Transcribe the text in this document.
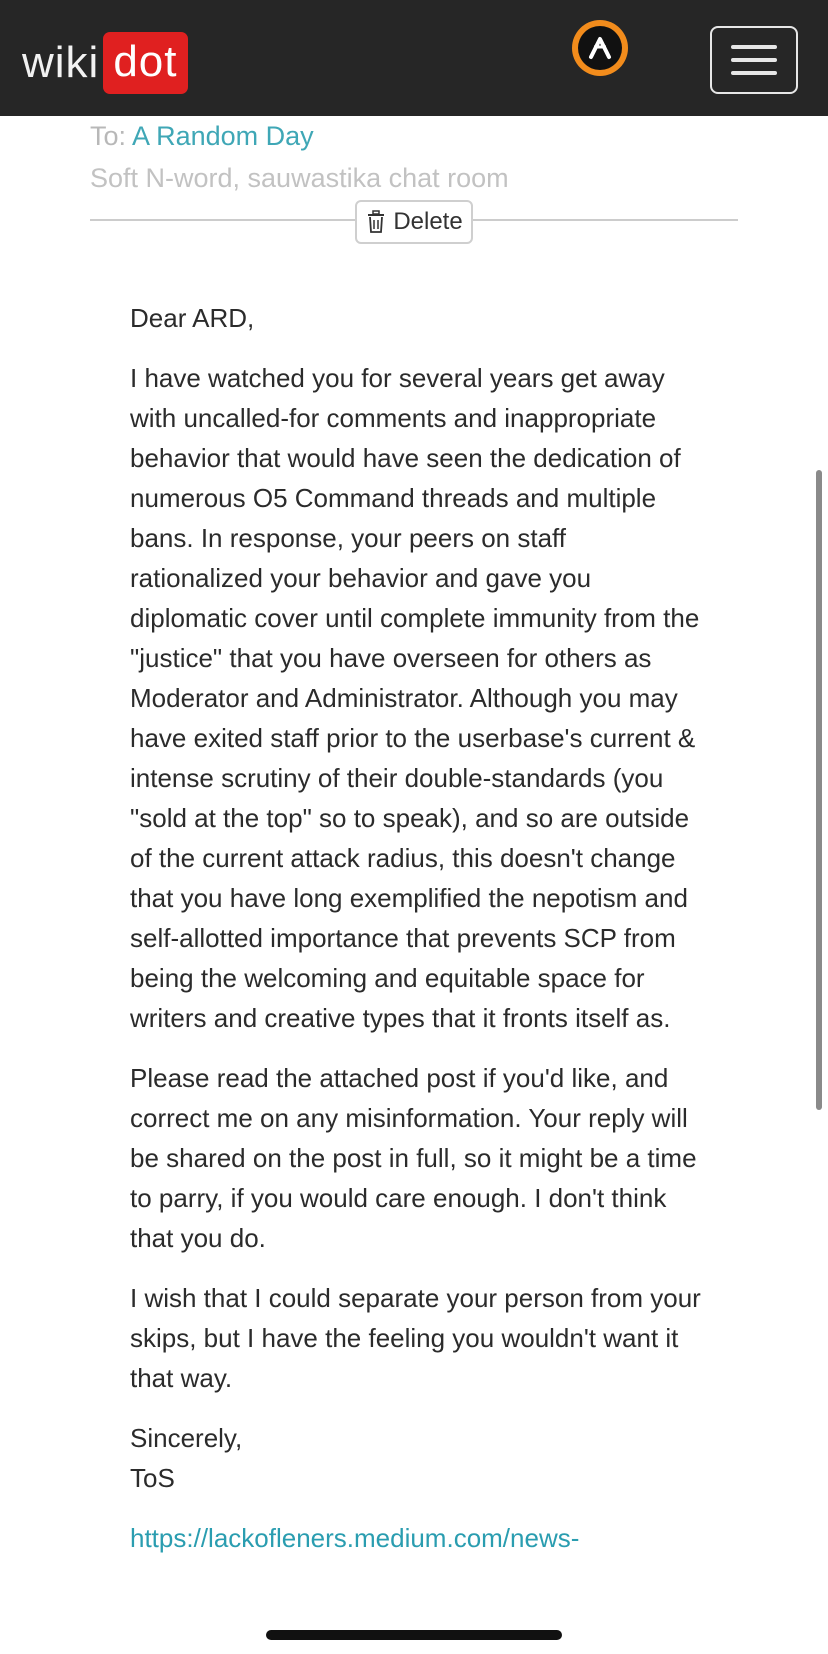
wiki dot
To: A Random Day
Soft N-word, sauwastika chat room
Delete

Dear ARD,

I have watched you for several years get away with uncalled-for comments and inappropriate behavior that would have seen the dedication of numerous O5 Command threads and multiple bans. In response, your peers on staff rationalized your behavior and gave you diplomatic cover until complete immunity from the "justice" that you have overseen for others as Moderator and Administrator. Although you may have exited staff prior to the userbase's current & intense scrutiny of their double-standards (you "sold at the top" so to speak), and so are outside of the current attack radius, this doesn't change that you have long exemplified the nepotism and self-allotted importance that prevents SCP from being the welcoming and equitable space for writers and creative types that it fronts itself as.

Please read the attached post if you'd like, and correct me on any misinformation. Your reply will be shared on the post in full, so it might be a time to parry, if you would care enough. I don't think that you do.

I wish that I could separate your person from your skips, but I have the feeling you wouldn't want it that way.

Sincerely,
ToS

https://lackofleners.medium.com/news-
